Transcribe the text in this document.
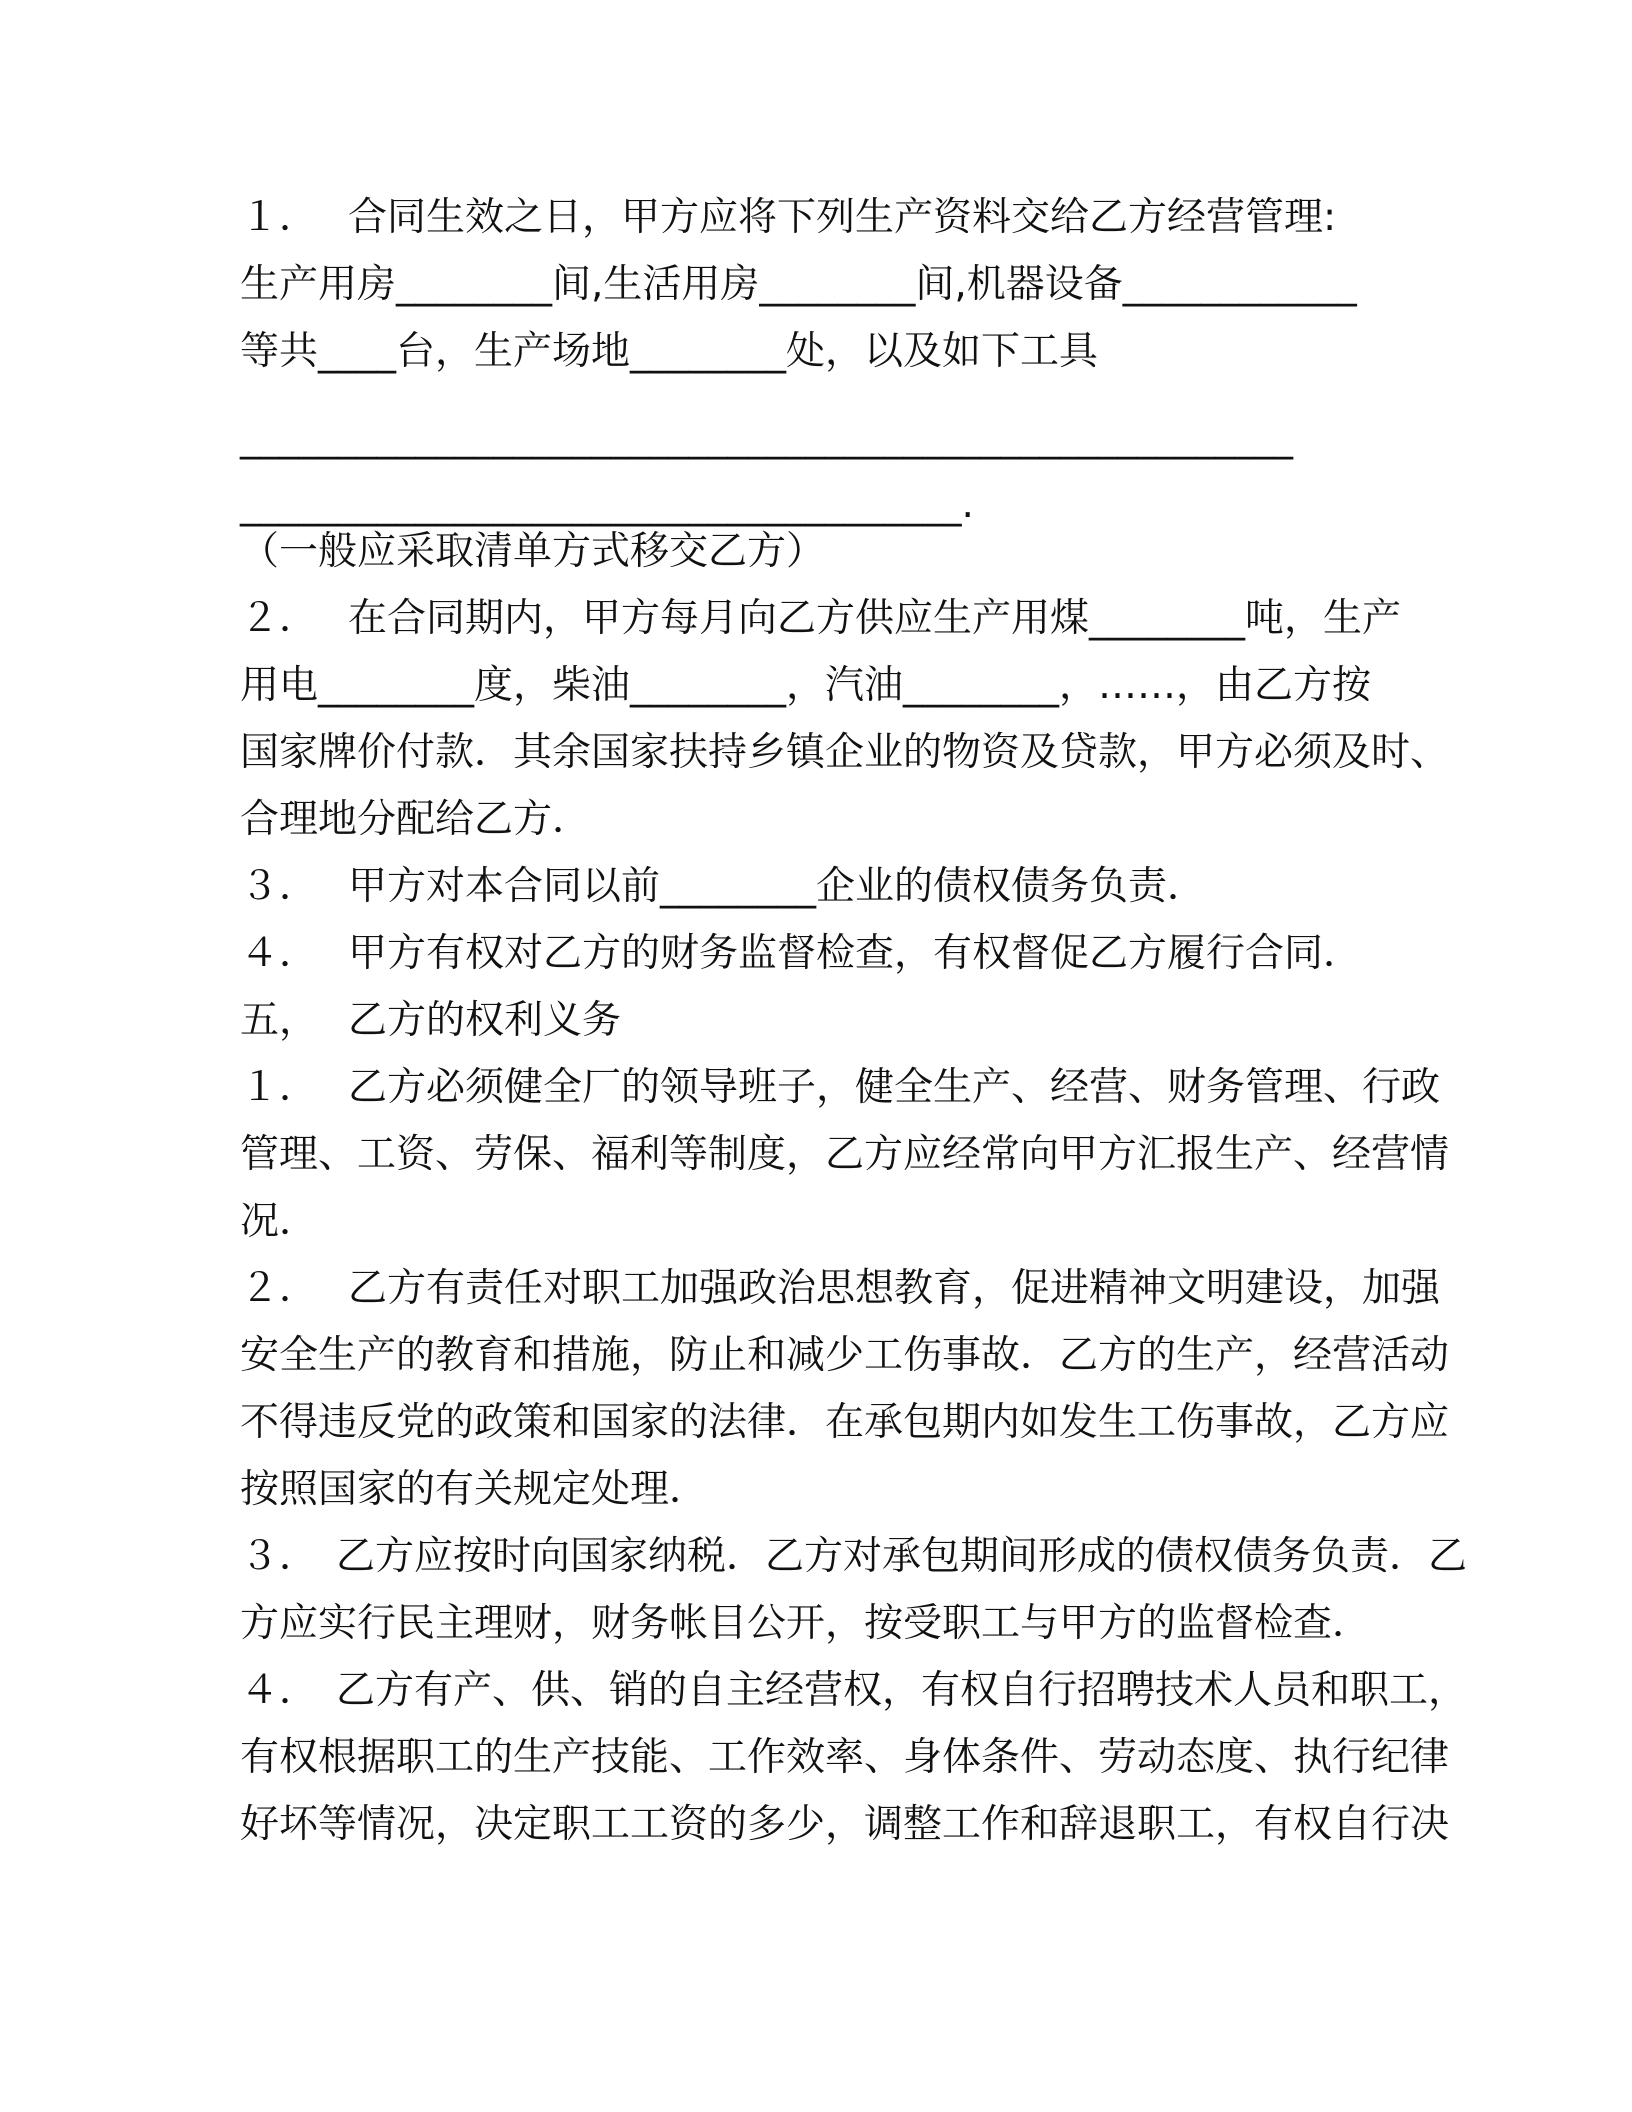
１． 合同生效之日，甲方应将下列生产资料交给乙方经营管理:
生产用房________间,生活用房________间,机器设备____________
等共____台，生产场地________处，以及如下工具
______________________________________________________
_____________________________________.
（一般应采取清单方式移交乙方）
２． 在合同期内，甲方每月向乙方供应生产用煤________吨，生产
用电________度，柴油________，汽油________，……，由乙方按
国家牌价付款．其余国家扶持乡镇企业的物资及贷款，甲方必须及时、
合理地分配给乙方．
３． 甲方对本合同以前________企业的债权债务负责．
４． 甲方有权对乙方的财务监督检查，有权督促乙方履行合同．
五， 乙方的权利义务
１． 乙方必须健全厂的领导班子，健全生产、经营、财务管理、行政
管理、工资、劳保、福利等制度，乙方应经常向甲方汇报生产、经营情
况．
２． 乙方有责任对职工加强政治思想教育，促进精神文明建设，加强
安全生产的教育和措施，防止和减少工伤事故．乙方的生产，经营活动
不得违反党的政策和国家的法律．在承包期内如发生工伤事故，乙方应
按照国家的有关规定处理．
３． 乙方应按时向国家纳税．乙方对承包期间形成的债权债务负责．乙
方应实行民主理财，财务帐目公开，按受职工与甲方的监督检查．
４． 乙方有产、供、销的自主经营权，有权自行招聘技术人员和职工，
有权根据职工的生产技能、工作效率、身体条件、劳动态度、执行纪律
好坏等情况，决定职工工资的多少，调整工作和辞退职工，有权自行决
